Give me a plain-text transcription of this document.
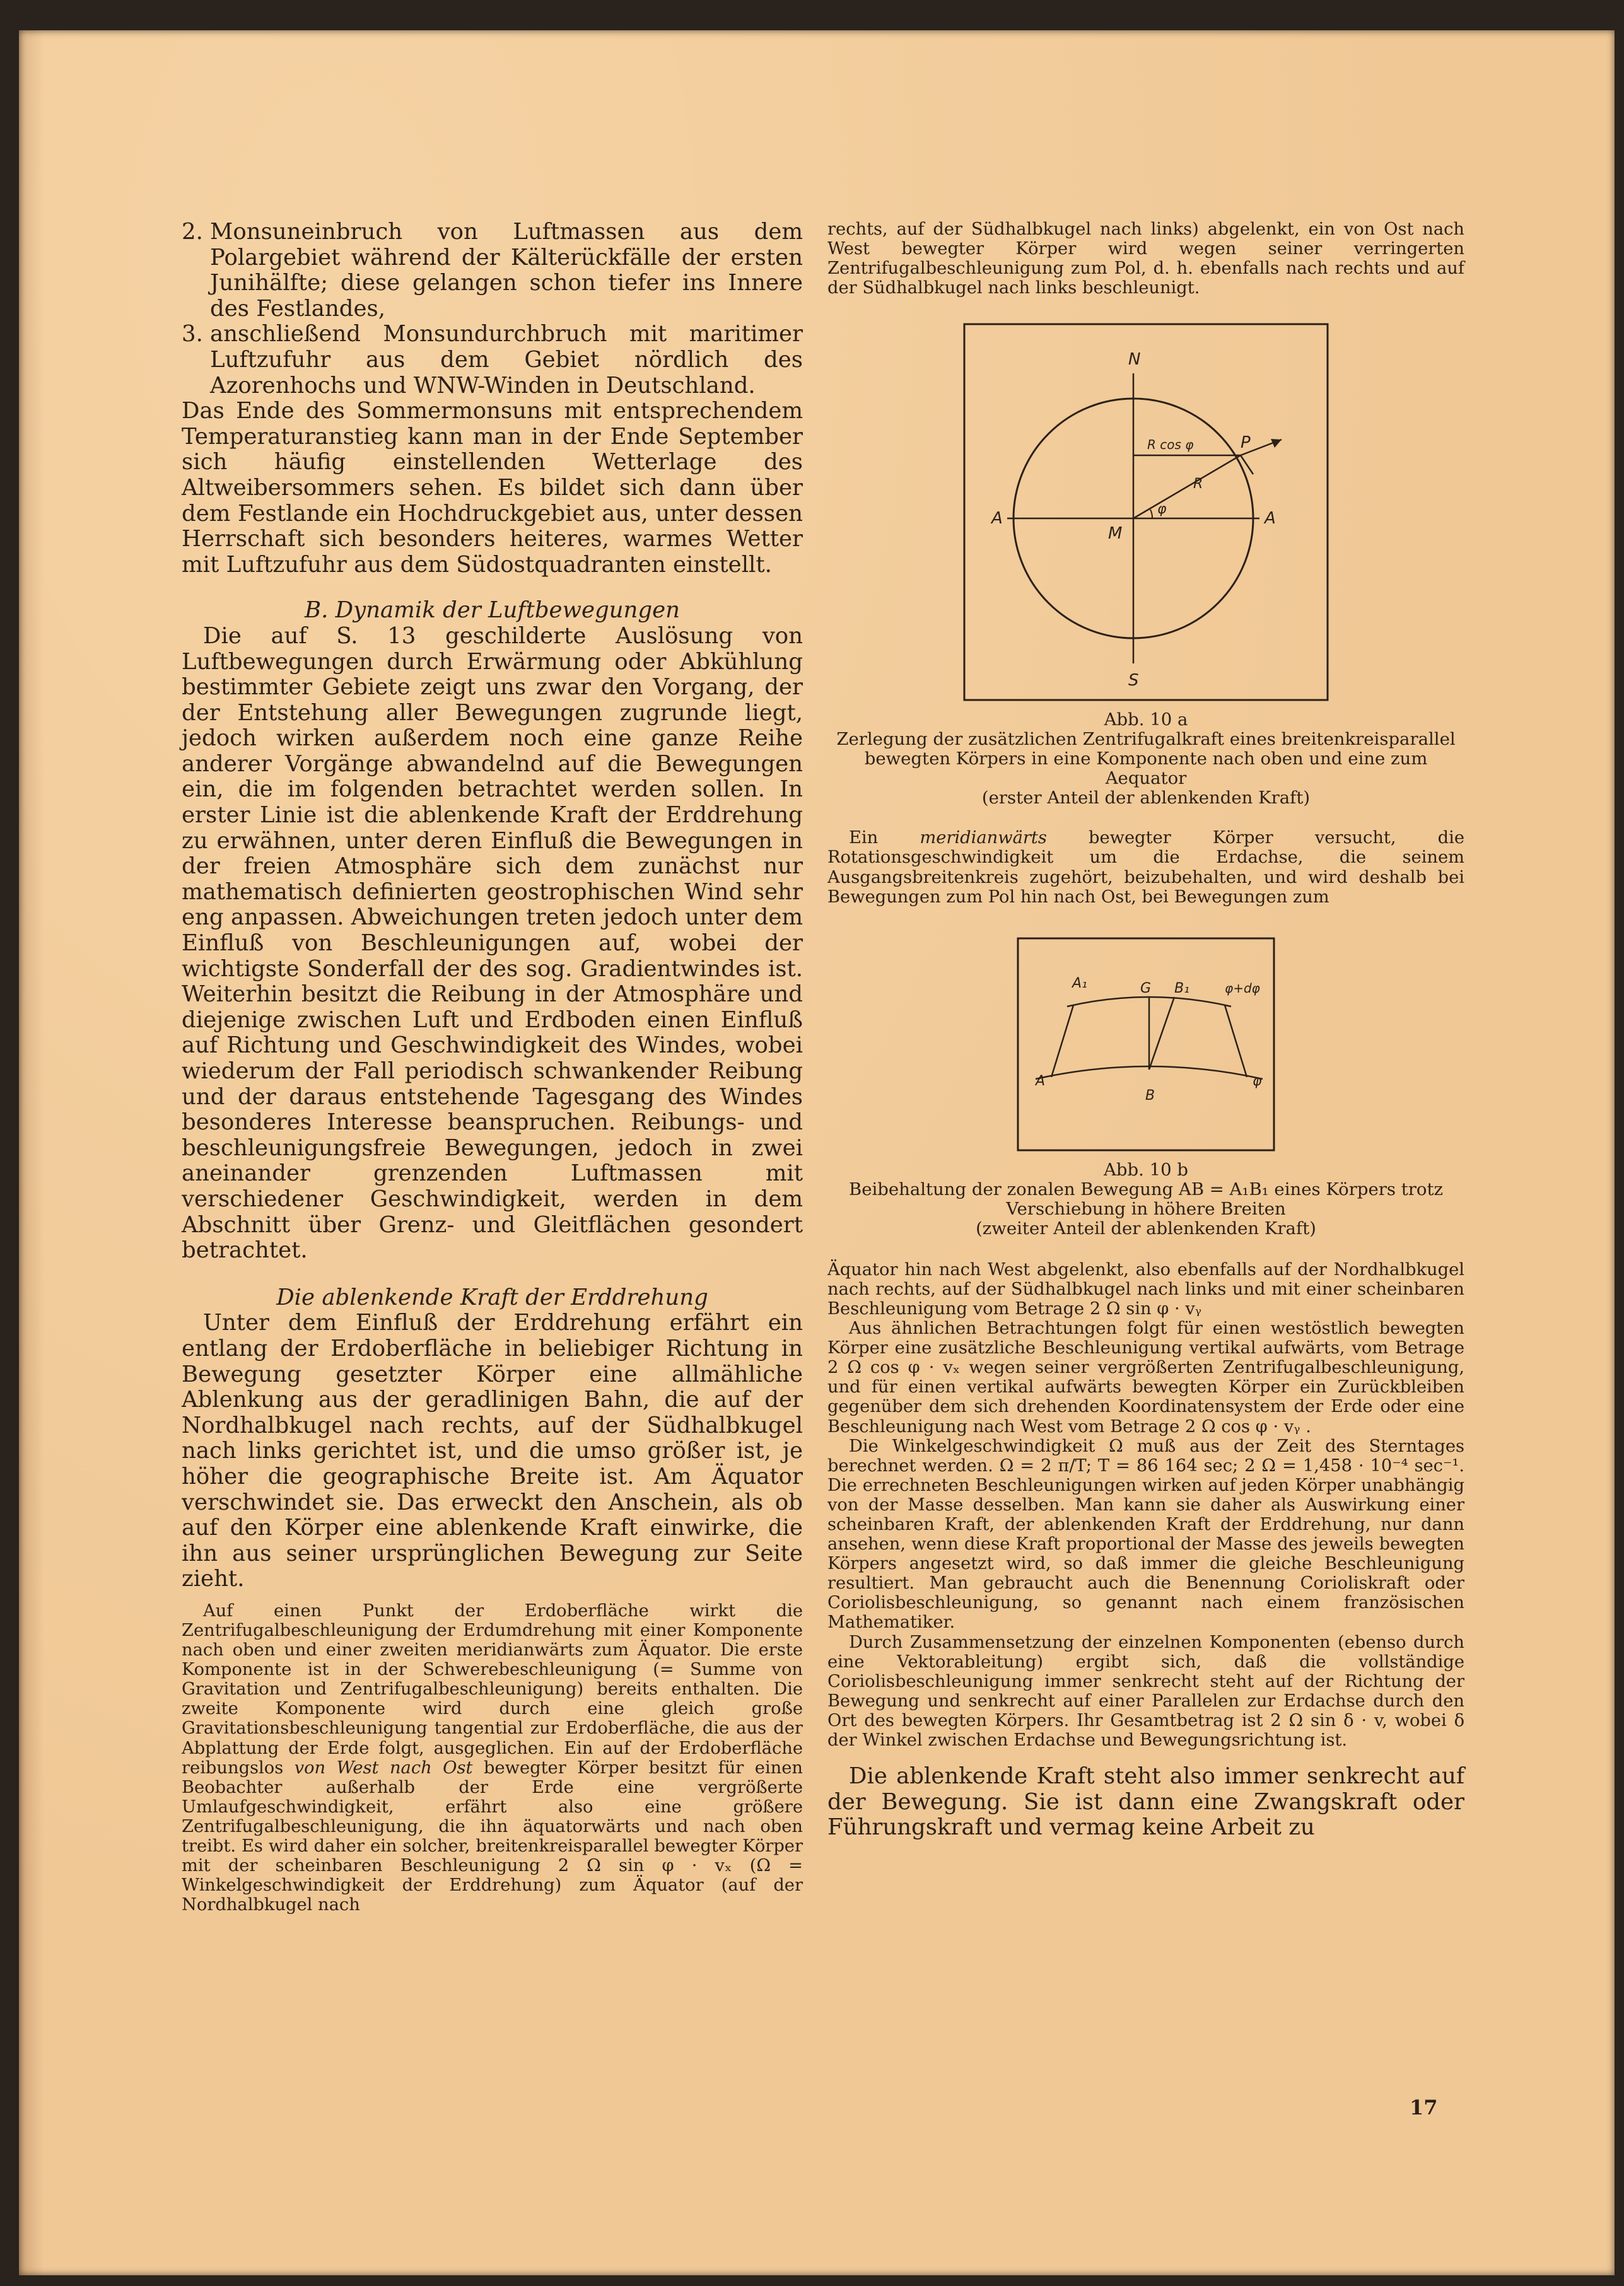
2. Monsuneinbruch von Luftmassen aus dem Polargebiet während der Kälterückfälle der ersten Junihälfte; diese gelangen schon tiefer ins Innere des Festlandes,
3. anschließend Monsundurchbruch mit maritimer Luftzufuhr aus dem Gebiet nördlich des Azorenhochs und WNW-Winden in Deutschland.

Das Ende des Sommermonsuns mit entsprechendem Temperaturanstieg kann man in der Ende September sich häufig einstellenden Wetterlage des Altweibersommers sehen. Es bildet sich dann über dem Festlande ein Hochdruckgebiet aus, unter dessen Herrschaft sich besonders heiteres, warmes Wetter mit Luftzufuhr aus dem Südostquadranten einstellt.

B. Dynamik der Luftbewegungen

Die auf S. 13 geschilderte Auslösung von Luftbewegungen durch Erwärmung oder Abkühlung bestimmter Gebiete zeigt uns zwar den Vorgang, der der Entstehung aller Bewegungen zugrunde liegt, jedoch wirken außerdem noch eine ganze Reihe anderer Vorgänge abwandelnd auf die Bewegungen ein, die im folgenden betrachtet werden sollen. In erster Linie ist die ablenkende Kraft der Erddrehung zu erwähnen, unter deren Einfluß die Bewegungen in der freien Atmosphäre sich dem zunächst nur mathematisch definierten geostrophischen Wind sehr eng anpassen. Abweichungen treten jedoch unter dem Einfluß von Beschleunigungen auf, wobei der wichtigste Sonderfall der des sog. Gradientwindes ist. Weiterhin besitzt die Reibung in der Atmosphäre und diejenige zwischen Luft und Erdboden einen Einfluß auf Richtung und Geschwindigkeit des Windes, wobei wiederum der Fall periodisch schwankender Reibung und der daraus entstehende Tagesgang des Windes besonderes Interesse beanspruchen. Reibungs- und beschleunigungsfreie Bewegungen, jedoch in zwei aneinander grenzenden Luftmassen mit verschiedener Geschwindigkeit, werden in dem Abschnitt über Grenz- und Gleitflächen gesondert betrachtet.

Die ablenkende Kraft der Erddrehung

Unter dem Einfluß der Erddrehung erfährt ein entlang der Erdoberfläche in beliebiger Richtung in Bewegung gesetzter Körper eine allmähliche Ablenkung aus der geradlinigen Bahn, die auf der Nordhalbkugel nach rechts, auf der Südhalbkugel nach links gerichtet ist, und die umso größer ist, je höher die geographische Breite ist. Am Äquator verschwindet sie. Das erweckt den Anschein, als ob auf den Körper eine ablenkende Kraft einwirke, die ihn aus seiner ursprünglichen Bewegung zur Seite zieht.

Auf einen Punkt der Erdoberfläche wirkt die Zentrifugalbeschleunigung der Erdumdrehung mit einer Komponente nach oben und einer zweiten meridianwärts zum Äquator. Die erste Komponente ist in der Schwerebeschleunigung (= Summe von Gravitation und Zentrifugalbeschleunigung) bereits enthalten. Die zweite Komponente wird durch eine gleich große Gravitationsbeschleunigung tangential zur Erdoberfläche, die aus der Abplattung der Erde folgt, ausgeglichen. Ein auf der Erdoberfläche reibungslos von West nach Ost bewegter Körper besitzt für einen Beobachter außerhalb der Erde eine vergrößerte Umlaufgeschwindigkeit, erfährt also eine größere Zentrifugalbeschleunigung, die ihn äquatorwärts und nach oben treibt. Es wird daher ein solcher, breitenkreisparallel bewegter Körper mit der scheinbaren Beschleunigung 2 Ω sin φ · vₓ (Ω = Winkelgeschwindigkeit der Erddrehung) zum Äquator (auf der Nordhalbkugel nach

rechts, auf der Südhalbkugel nach links) abgelenkt, ein von Ost nach West bewegter Körper wird wegen seiner verringerten Zentrifugalbeschleunigung zum Pol, d. h. ebenfalls nach rechts und auf der Südhalbkugel nach links beschleunigt.

N
S
A	A
M
P
R
R cos φ
φ

Abb. 10 a

Zerlegung der zusätzlichen Zentrifugalkraft eines breitenkreisparallel bewegten Körpers in eine Komponente nach oben und eine zum Aequator

(erster Anteil der ablenkenden Kraft)

Ein meridianwärts bewegter Körper versucht, die Rotationsgeschwindigkeit um die Erdachse, die seinem Ausgangsbreitenkreis zugehört, beizubehalten, und wird deshalb bei Bewegungen zum Pol hin nach Ost, bei Bewegungen zum

A₁
A
G B₁
B
φ+dφ
φ

Abb. 10 b

Beibehaltung der zonalen Bewegung AB = A₁B₁ eines Körpers trotz Verschiebung in höhere Breiten

(zweiter Anteil der ablenkenden Kraft)

Äquator hin nach West abgelenkt, also ebenfalls auf der Nordhalbkugel nach rechts, auf der Südhalbkugel nach links und mit einer scheinbaren Beschleunigung vom Betrage 2 Ω sin φ · vᵧ

Aus ähnlichen Betrachtungen folgt für einen westöstlich bewegten Körper eine zusätzliche Beschleunigung vertikal aufwärts, vom Betrage 2 Ω cos φ · vₓ wegen seiner vergrößerten Zentrifugalbeschleunigung, und für einen vertikal aufwärts bewegten Körper ein Zurückbleiben gegenüber dem sich drehenden Koordinatensystem der Erde oder eine Beschleunigung nach West vom Betrage 2 Ω cos φ · vᵧ .

Die Winkelgeschwindigkeit Ω muß aus der Zeit des Sterntages berechnet werden. Ω = 2 π/T; T = 86 164 sec; 2 Ω = 1,458 · 10⁻⁴ sec⁻¹. Die errechneten Beschleunigungen wirken auf jeden Körper unabhängig von der Masse desselben. Man kann sie daher als Auswirkung einer scheinbaren Kraft, der ablenkenden Kraft der Erddrehung, nur dann ansehen, wenn diese Kraft proportional der Masse des jeweils bewegten Körpers angesetzt wird, so daß immer die gleiche Beschleunigung resultiert. Man gebraucht auch die Benennung Corioliskraft oder Coriolisbeschleunigung, so genannt nach einem französischen Mathematiker.

Durch Zusammensetzung der einzelnen Komponenten (ebenso durch eine Vektorableitung) ergibt sich, daß die vollständige Coriolisbeschleunigung immer senkrecht steht auf der Richtung der Bewegung und senkrecht auf einer Parallelen zur Erdachse durch den Ort des bewegten Körpers. Ihr Gesamtbetrag ist 2 Ω sin δ · v, wobei δ der Winkel zwischen Erdachse und Bewegungsrichtung ist.

Die ablenkende Kraft steht also immer senkrecht auf der Bewegung. Sie ist dann eine Zwangskraft oder Führungskraft und vermag keine Arbeit zu

17
